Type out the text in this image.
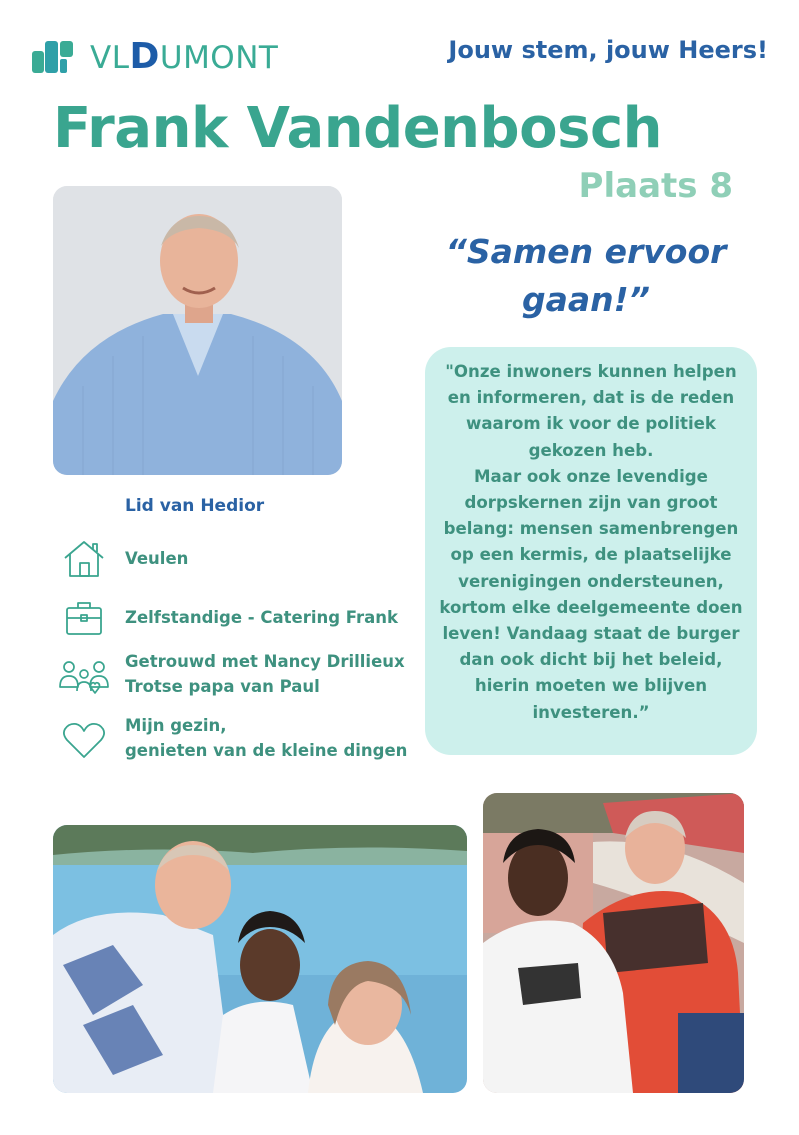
VLDUMONT	Jouw stem, jouw Heers!
Frank Vandenbosch
Plaats 8
“Samen ervoor gaan!”
"Onze inwoners kunnen helpen en informeren, dat is de reden waarom ik voor de politiek gekozen heb.
Maar ook onze levendige dorpskernen zijn van groot belang: mensen samenbrengen op een kermis, de plaatselijke verenigingen ondersteunen, kortom elke deelgemeente doen leven! Vandaag staat de burger dan ook dicht bij het beleid, hierin moeten we blijven investeren.”
Lid van Hedior
Veulen
Zelfstandige - Catering Frank
Getrouwd met Nancy Drillieux
Trotse papa van Paul
Mijn gezin,
genieten van de kleine dingen
